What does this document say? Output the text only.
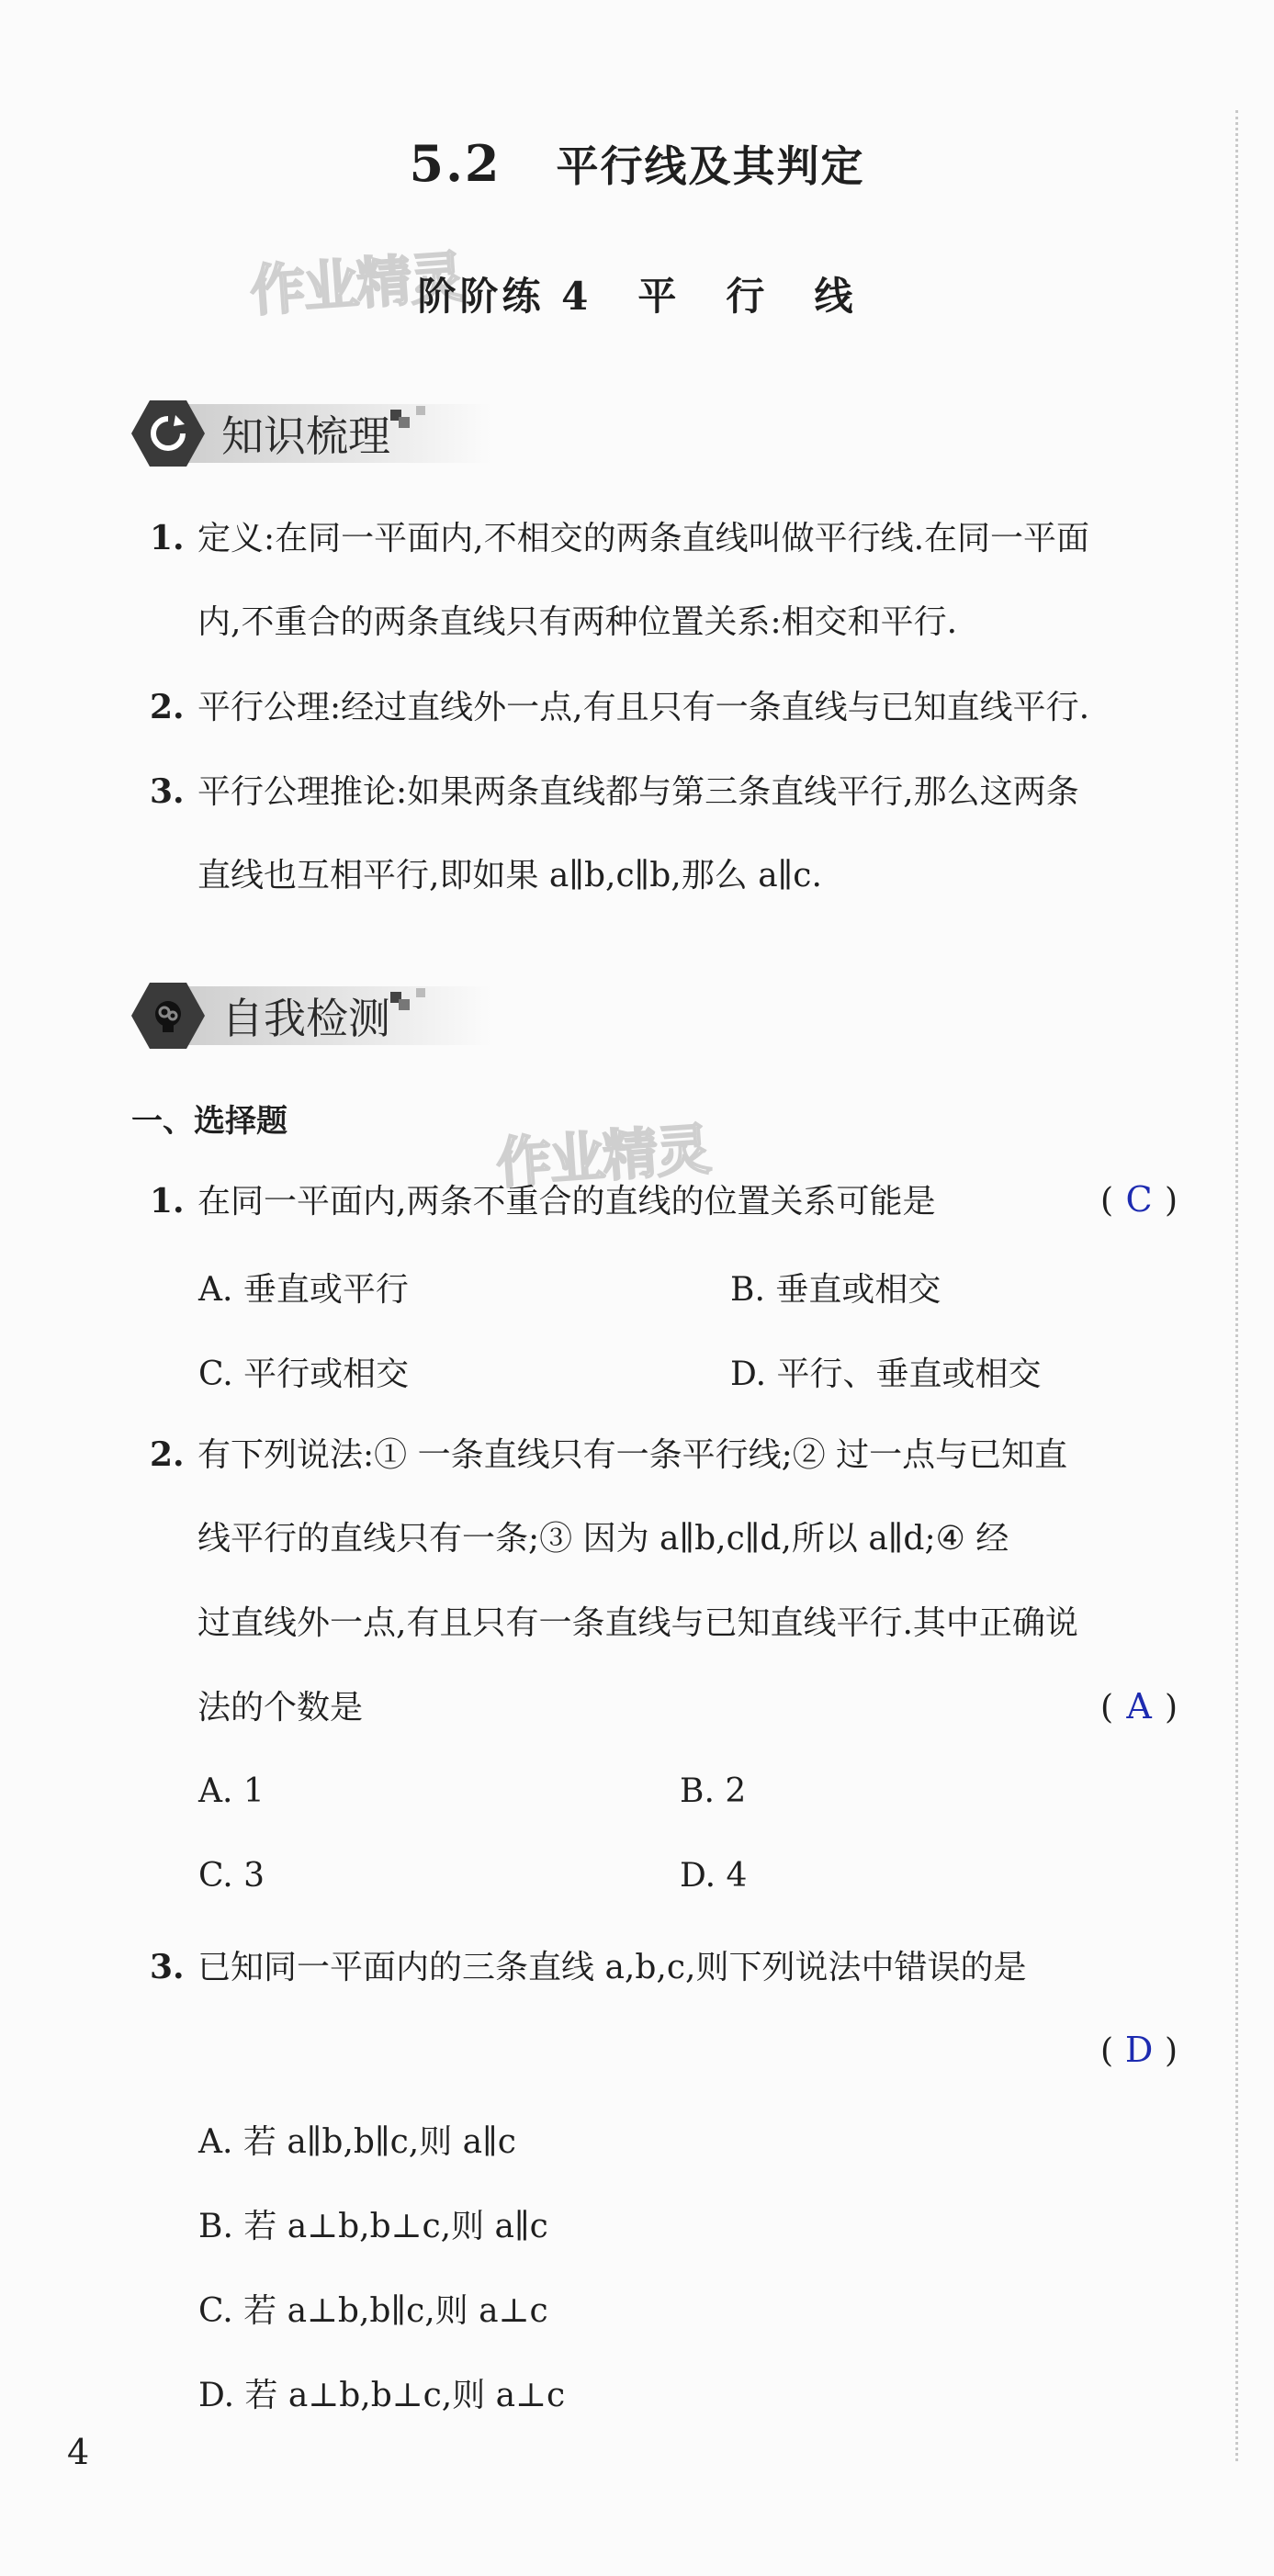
5.2 平行线及其判定
作业精灵
阶阶练 4 平 行 线
知识梳理
1. 定义:在同一平面内,不相交的两条直线叫做平行线.在同一平面
内,不重合的两条直线只有两种位置关系:相交和平行.
2. 平行公理:经过直线外一点,有且只有一条直线与已知直线平行.
3. 平行公理推论:如果两条直线都与第三条直线平行,那么这两条
直线也互相平行,即如果 a∥b,c∥b,那么 a∥c.
自我检测
一、选择题	作业精灵
1. 在同一平面内,两条不重合的直线的位置关系可能是	( C )
A. 垂直或平行	B. 垂直或相交
C. 平行或相交	D. 平行、垂直或相交
2. 有下列说法:① 一条直线只有一条平行线;② 过一点与已知直
线平行的直线只有一条;③ 因为 a∥b,c∥d,所以 a∥d;④ 经
过直线外一点,有且只有一条直线与已知直线平行.其中正确说
法的个数是	( A )
A. 1	B. 2
C. 3	D. 4
3. 已知同一平面内的三条直线 a,b,c,则下列说法中错误的是
( D )
A. 若 a∥b,b∥c,则 a∥c
B. 若 a⊥b,b⊥c,则 a∥c
C. 若 a⊥b,b∥c,则 a⊥c
D. 若 a⊥b,b⊥c,则 a⊥c
4
